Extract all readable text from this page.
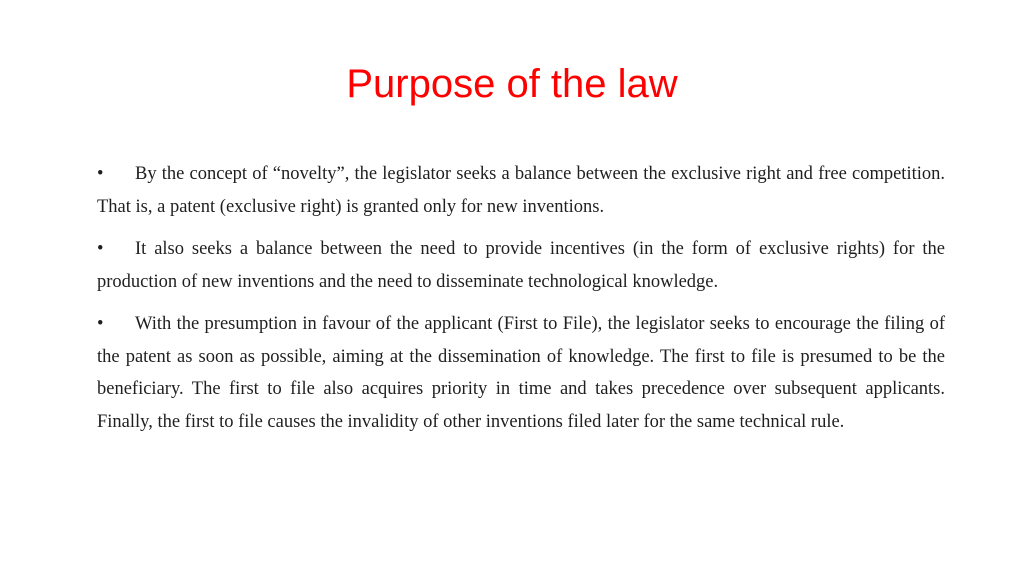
Purpose of the law

• By the concept of “novelty”, the legislator seeks a balance between the exclusive right and free competition. That is, a patent (exclusive right) is granted only for new inventions.

• It also seeks a balance between the need to provide incentives (in the form of exclusive rights) for the production of new inventions and the need to disseminate technological knowledge.

• With the presumption in favour of the applicant (First to File), the legislator seeks to encourage the filing of the patent as soon as possible, aiming at the dissemination of knowledge. The first to file is presumed to be the beneficiary. The first to file also acquires priority in time and takes precedence over subsequent applicants. Finally, the first to file causes the invalidity of other inventions filed later for the same technical rule.
